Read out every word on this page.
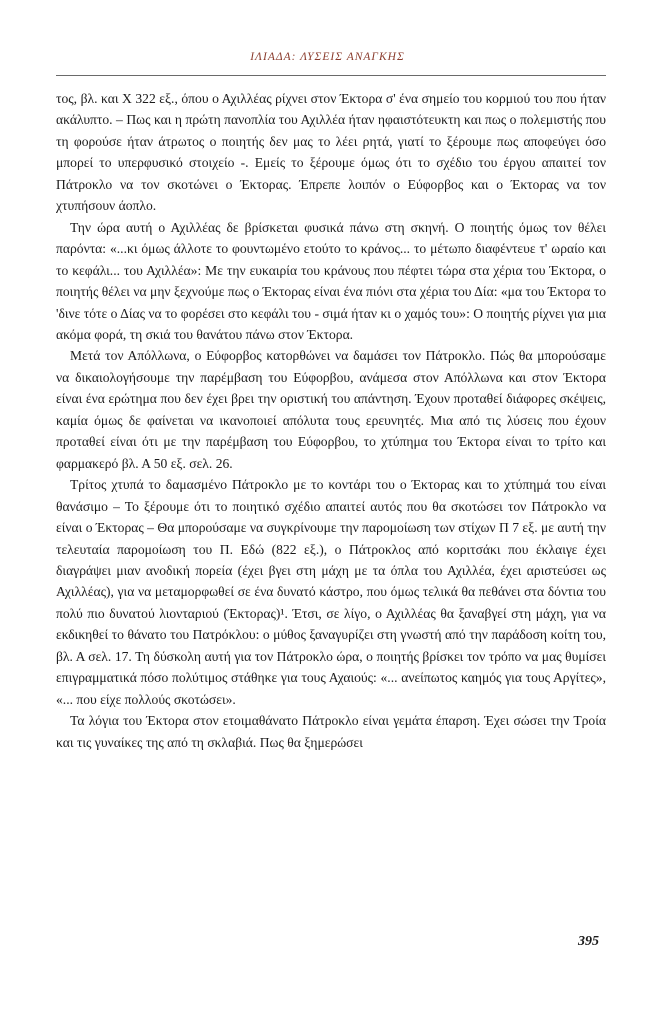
ΙΛΙΑΔΑ: ΛΥΣΕΙΣ ΑΝΑΓΚΗΣ

τος, βλ. και Χ 322 εξ., όπου ο Αχιλλέας ρίχνει στον Έκτορα σ' ένα σημείο του κορμιού του που ήταν ακάλυπτο. – Πως και η πρώτη πανοπλία του Αχιλλέα ήταν ηφαιστότευκτη και πως ο πολεμιστής που τη φορούσε ήταν άτρωτος ο ποιητής δεν μας το λέει ρητά, γιατί το ξέρουμε πως αποφεύγει όσο μπορεί το υπερφυσικό στοιχείο -. Εμείς το ξέρουμε όμως ότι το σχέδιο του έργου απαιτεί τον Πάτροκλο να τον σκοτώνει ο Έκτορας. Έπρεπε λοιπόν ο Εύφορβος και ο Έκτορας να τον χτυπήσουν άοπλο.

Την ώρα αυτή ο Αχιλλέας δε βρίσκεται φυσικά πάνω στη σκηνή. Ο ποιητής όμως τον θέλει παρόντα: «...κι όμως άλλοτε το φουντωμένο ετούτο το κράνος... το μέτωπο διαφέντευε τ' ωραίο και το κεφάλι... του Αχιλλέα»: Με την ευκαιρία του κράνους που πέφτει τώρα στα χέρια του Έκτορα, ο ποιητής θέλει να μην ξεχνούμε πως ο Έκτορας είναι ένα πιόνι στα χέρια του Δία: «μα του Έκτορα το 'δινε τότε ο Δίας να το φορέσει στο κεφάλι του - σιμά ήταν κι ο χαμός του»: Ο ποιητής ρίχνει για μια ακόμα φορά, τη σκιά του θανάτου πάνω στον Έκτορα.

Μετά τον Απόλλωνα, ο Εύφορβος κατορθώνει να δαμάσει τον Πάτροκλο. Πώς θα μπορούσαμε να δικαιολογήσουμε την παρέμβαση του Εύφορβου, ανάμεσα στον Απόλλωνα και στον Έκτορα είναι ένα ερώτημα που δεν έχει βρει την οριστική του απάντηση. Έχουν προταθεί διάφορες σκέψεις, καμία όμως δε φαίνεται να ικανοποιεί απόλυτα τους ερευνητές. Μια από τις λύσεις που έχουν προταθεί είναι ότι με την παρέμβαση του Εύφορβου, το χτύπημα του Έκτορα είναι το τρίτο και φαρμακερό βλ. Α 50 εξ. σελ. 26.

Τρίτος χτυπά το δαμασμένο Πάτροκλο με το κοντάρι του ο Έκτορας και το χτύπημά του είναι θανάσιμο – Το ξέρουμε ότι το ποιητικό σχέδιο απαιτεί αυτός που θα σκοτώσει τον Πάτροκλο να είναι ο Έκτορας – Θα μπορούσαμε να συγκρίνουμε την παρομοίωση των στίχων Π 7 εξ. με αυτή την τελευταία παρομοίωση του Π. Εδώ (822 εξ.), ο Πάτροκλος από κοριτσάκι που έκλαιγε έχει διαγράψει μιαν ανοδική πορεία (έχει βγει στη μάχη με τα όπλα του Αχιλλέα, έχει αριστεύσει ως Αχιλλέας), για να μεταμορφωθεί σε ένα δυνατό κάστρο, που όμως τελικά θα πεθάνει στα δόντια του πολύ πιο δυνατού λιονταριού (Έκτορας)¹. Έτσι, σε λίγο, ο Αχιλλέας θα ξαναβγεί στη μάχη, για να εκδικηθεί το θάνατο του Πατρόκλου: ο μύθος ξαναγυρίζει στη γνωστή από την παράδοση κοίτη του, βλ. Α σελ. 17. Τη δύσκολη αυτή για τον Πάτροκλο ώρα, ο ποιητής βρίσκει τον τρόπο να μας θυμίσει επιγραμματικά πόσο πολύτιμος στάθηκε για τους Αχαιούς: «... ανείπωτος καημός για τους Αργίτες», «... που είχε πολλούς σκοτώσει».

Τα λόγια του Έκτορα στον ετοιμαθάνατο Πάτροκλο είναι γεμάτα έπαρση. Έχει σώσει την Τροία και τις γυναίκες της από τη σκλαβιά. Πως θα ξημερώσει

395
